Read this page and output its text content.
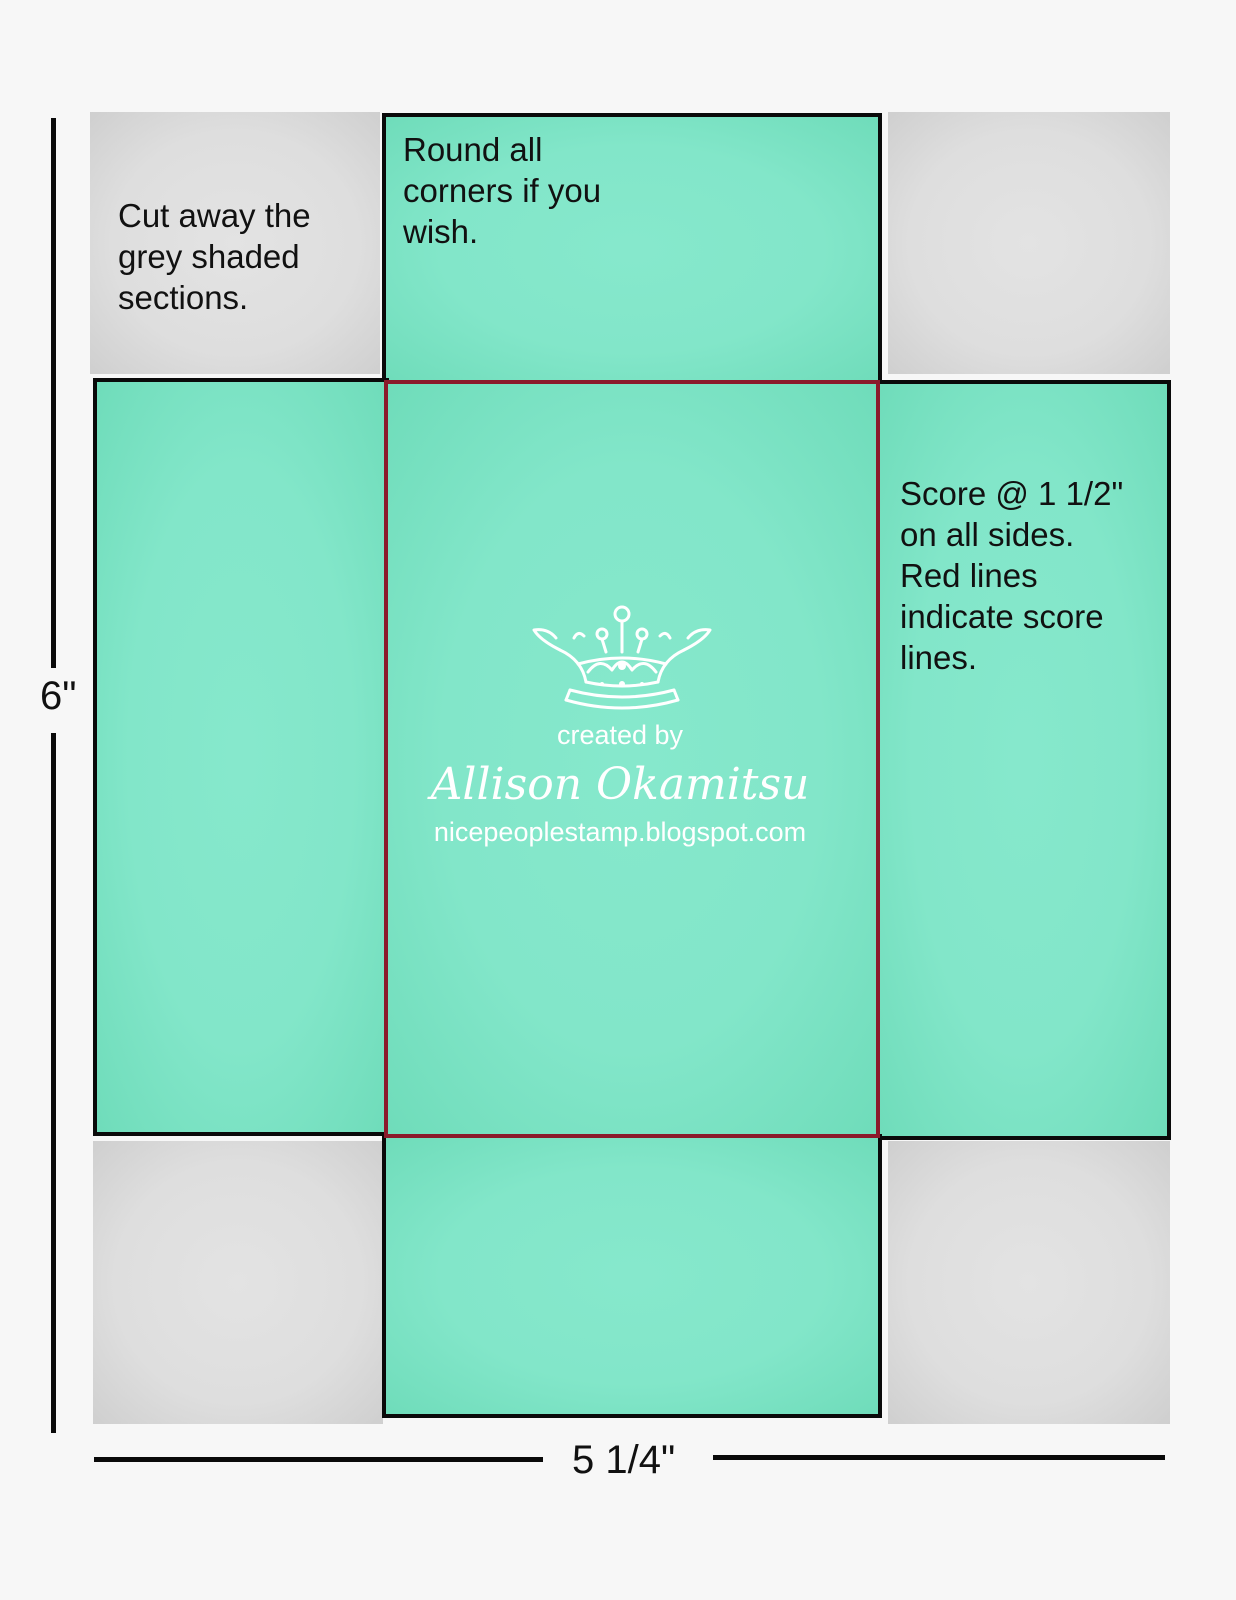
Cut away the
grey shaded
sections.
Round all
corners if you
wish.
Score @ 1 1/2"
on all sides.
Red lines
indicate score
lines.
created by
Allison Okamitsu
nicepeoplestamp.blogspot.com
6"
5 1/4"
